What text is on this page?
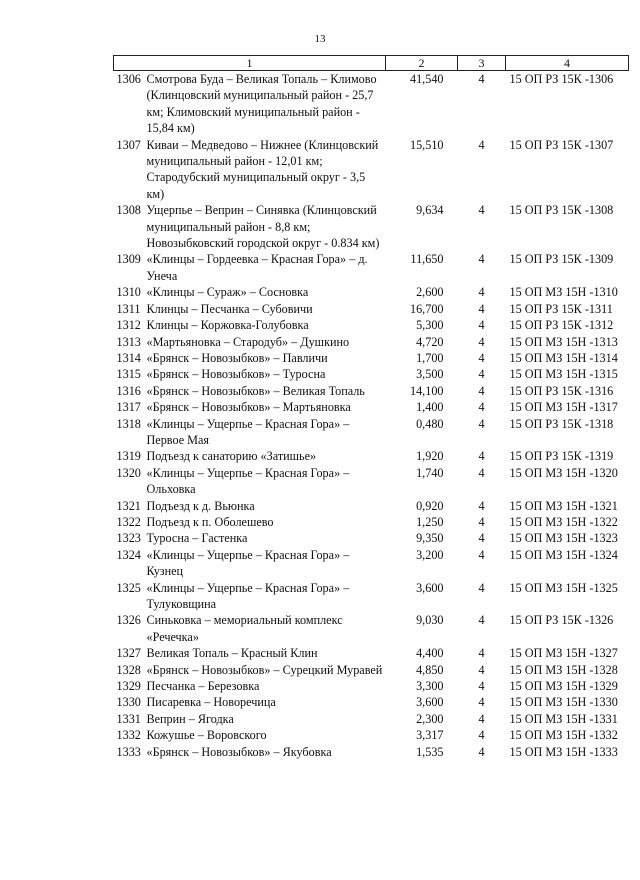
13
1	2	3	4

1306 Смотрова Буда – Великая Топаль – Климово (Клинцовский муниципальный район - 25,7 км; Климовский муниципальный район - 15,84 км)	41,540	4	15 ОП РЗ 15К -1306

1307 Киваи – Медведово – Нижнее (Клинцовский муниципальный район - 12,01 км; Стародубский муниципальный округ - 3,5 км)	15,510	4	15 ОП РЗ 15К -1307

1308 Ущерпье – Веприн – Синявка (Клинцовский муниципальный район - 8,8 км; Новозыбковский городской округ - 0.834 км)	9,634	4	15 ОП РЗ 15К -1308

1309 «Клинцы – Гордеевка – Красная Гора» – д. Унеча	11,650	4	15 ОП РЗ 15К -1309

1310 «Клинцы – Сураж» – Сосновка	2,600	4	15 ОП МЗ 15Н -1310

1311 Клинцы – Песчанка – Субовичи	16,700	4	15 ОП РЗ 15К -1311

1312 Клинцы – Коржовка-Голубовка	5,300	4	15 ОП РЗ 15К -1312

1313 «Мартьяновка – Стародуб» – Душкино	4,720	4	15 ОП МЗ 15Н -1313

1314 «Брянск – Новозыбков» – Павличи	1,700	4	15 ОП МЗ 15Н -1314

1315 «Брянск – Новозыбков» – Туросна	3,500	4	15 ОП МЗ 15Н -1315

1316 «Брянск – Новозыбков» – Великая Топаль	14,100	4	15 ОП РЗ 15К -1316

1317 «Брянск – Новозыбков» – Мартьяновка	1,400	4	15 ОП МЗ 15Н -1317

1318 «Клинцы – Ущерпье – Красная Гора» – Первое Мая	0,480	4	15 ОП РЗ 15К -1318

1319 Подъезд к санаторию «Затишье»	1,920	4	15 ОП РЗ 15К -1319

1320 «Клинцы – Ущерпье – Красная Гора» – Ольховка	1,740	4	15 ОП МЗ 15Н -1320

1321 Подъезд к д. Вьюнка	0,920	4	15 ОП МЗ 15Н -1321

1322 Подъезд к п. Оболешево	1,250	4	15 ОП МЗ 15Н -1322

1323 Туросна – Гастенка	9,350	4	15 ОП МЗ 15Н -1323

1324 «Клинцы – Ущерпье – Красная Гора» – Кузнец	3,200	4	15 ОП МЗ 15Н -1324

1325 «Клинцы – Ущерпье – Красная Гора» – Тулуковщина	3,600	4	15 ОП МЗ 15Н -1325

1326 Синьковка – мемориальный комплекс «Речечка»	9,030	4	15 ОП РЗ 15К -1326

1327 Великая Топаль – Красный Клин	4,400	4	15 ОП МЗ 15Н -1327

1328 «Брянск – Новозыбков» – Сурецкий Муравей	4,850	4	15 ОП МЗ 15Н -1328

1329 Песчанка – Березовка	3,300	4	15 ОП МЗ 15Н -1329

1330 Писаревка – Новоречица	3,600	4	15 ОП МЗ 15Н -1330

1331 Веприн – Ягодка	2,300	4	15 ОП МЗ 15Н -1331

1332 Кожушье – Воровского	3,317	4	15 ОП МЗ 15Н -1332

1333 «Брянск – Новозыбков» – Якубовка	1,535	4	15 ОП МЗ 15Н -1333
